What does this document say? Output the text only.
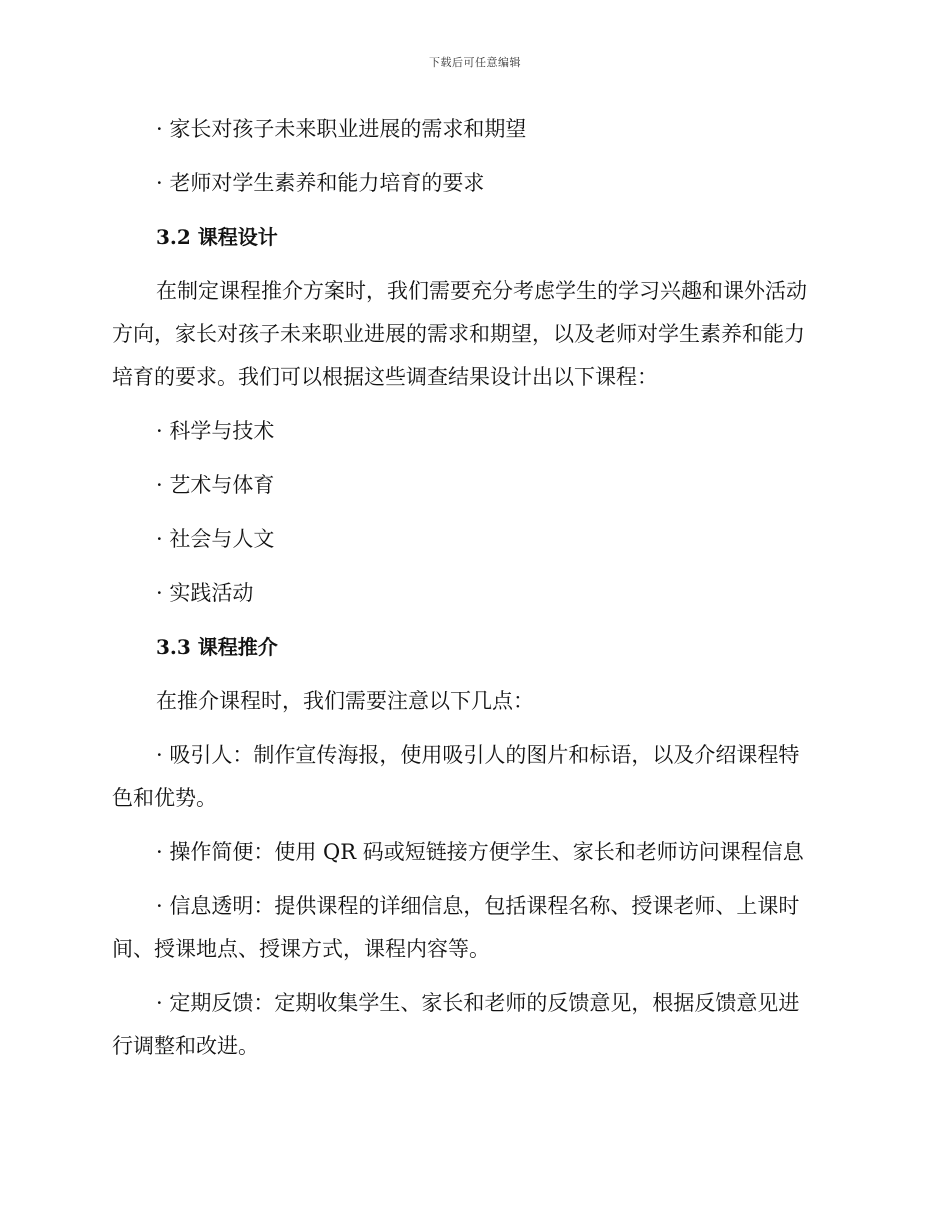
下载后可任意编辑
· 家长对孩子未来职业进展的需求和期望
· 老师对学生素养和能力培育的要求
3.2 课程设计
在制定课程推介方案时，我们需要充分考虑学生的学习兴趣和课外活动
方向，家长对孩子未来职业进展的需求和期望，以及老师对学生素养和能力
培育的要求。我们可以根据这些调查结果设计出以下课程：
· 科学与技术
· 艺术与体育
· 社会与人文
· 实践活动
3.3 课程推介
在推介课程时，我们需要注意以下几点：
· 吸引人：制作宣传海报，使用吸引人的图片和标语，以及介绍课程特
色和优势。
· 操作简便：使用 QR 码或短链接方便学生、家长和老师访问课程信息
· 信息透明：提供课程的详细信息，包括课程名称、授课老师、上课时
间、授课地点、授课方式，课程内容等。
· 定期反馈：定期收集学生、家长和老师的反馈意见，根据反馈意见进
行调整和改进。
